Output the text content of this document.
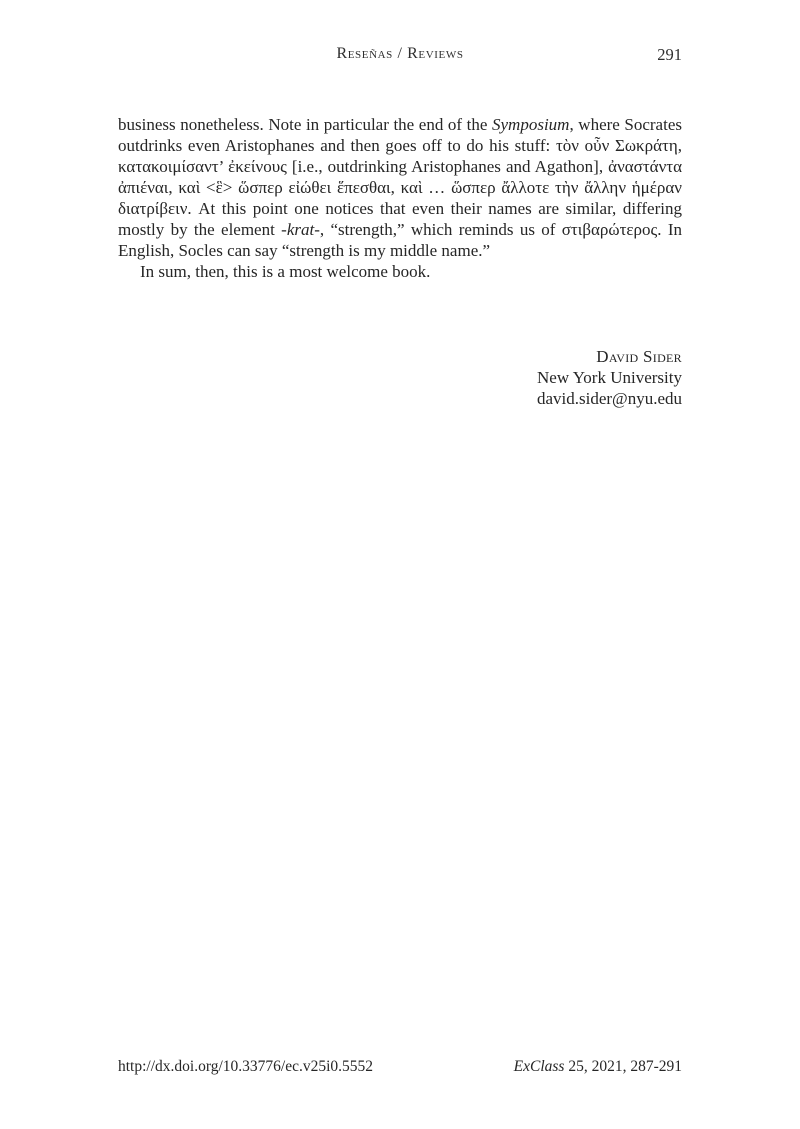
Reseñas / Reviews	291

business nonetheless. Note in particular the end of the Symposium, where Socrates outdrinks even Aristophanes and then goes off to do his stuff: τὸν οὖν Σωκράτη, κατακοιμίσαντ’ ἐκείνους [i.e., outdrinking Aristophanes and Agathon], ἀναστάντα ἀπιέναι, καὶ <ἓ> ὥσπερ εἰώθει ἕπεσθαι, καὶ … ὥσπερ ἄλλοτε τὴν ἄλλην ἡμέραν διατρίβειν. At this point one notices that even their names are similar, differing mostly by the element -krat-, “strength,” which reminds us of στιβαρώτερος. In English, Socles can say “strength is my middle name.”

In sum, then, this is a most welcome book.

David Sider
New York University
david.sider@nyu.edu
http://dx.doi.org/10.33776/ec.v25i0.5552	ExClass 25, 2021, 287-291
